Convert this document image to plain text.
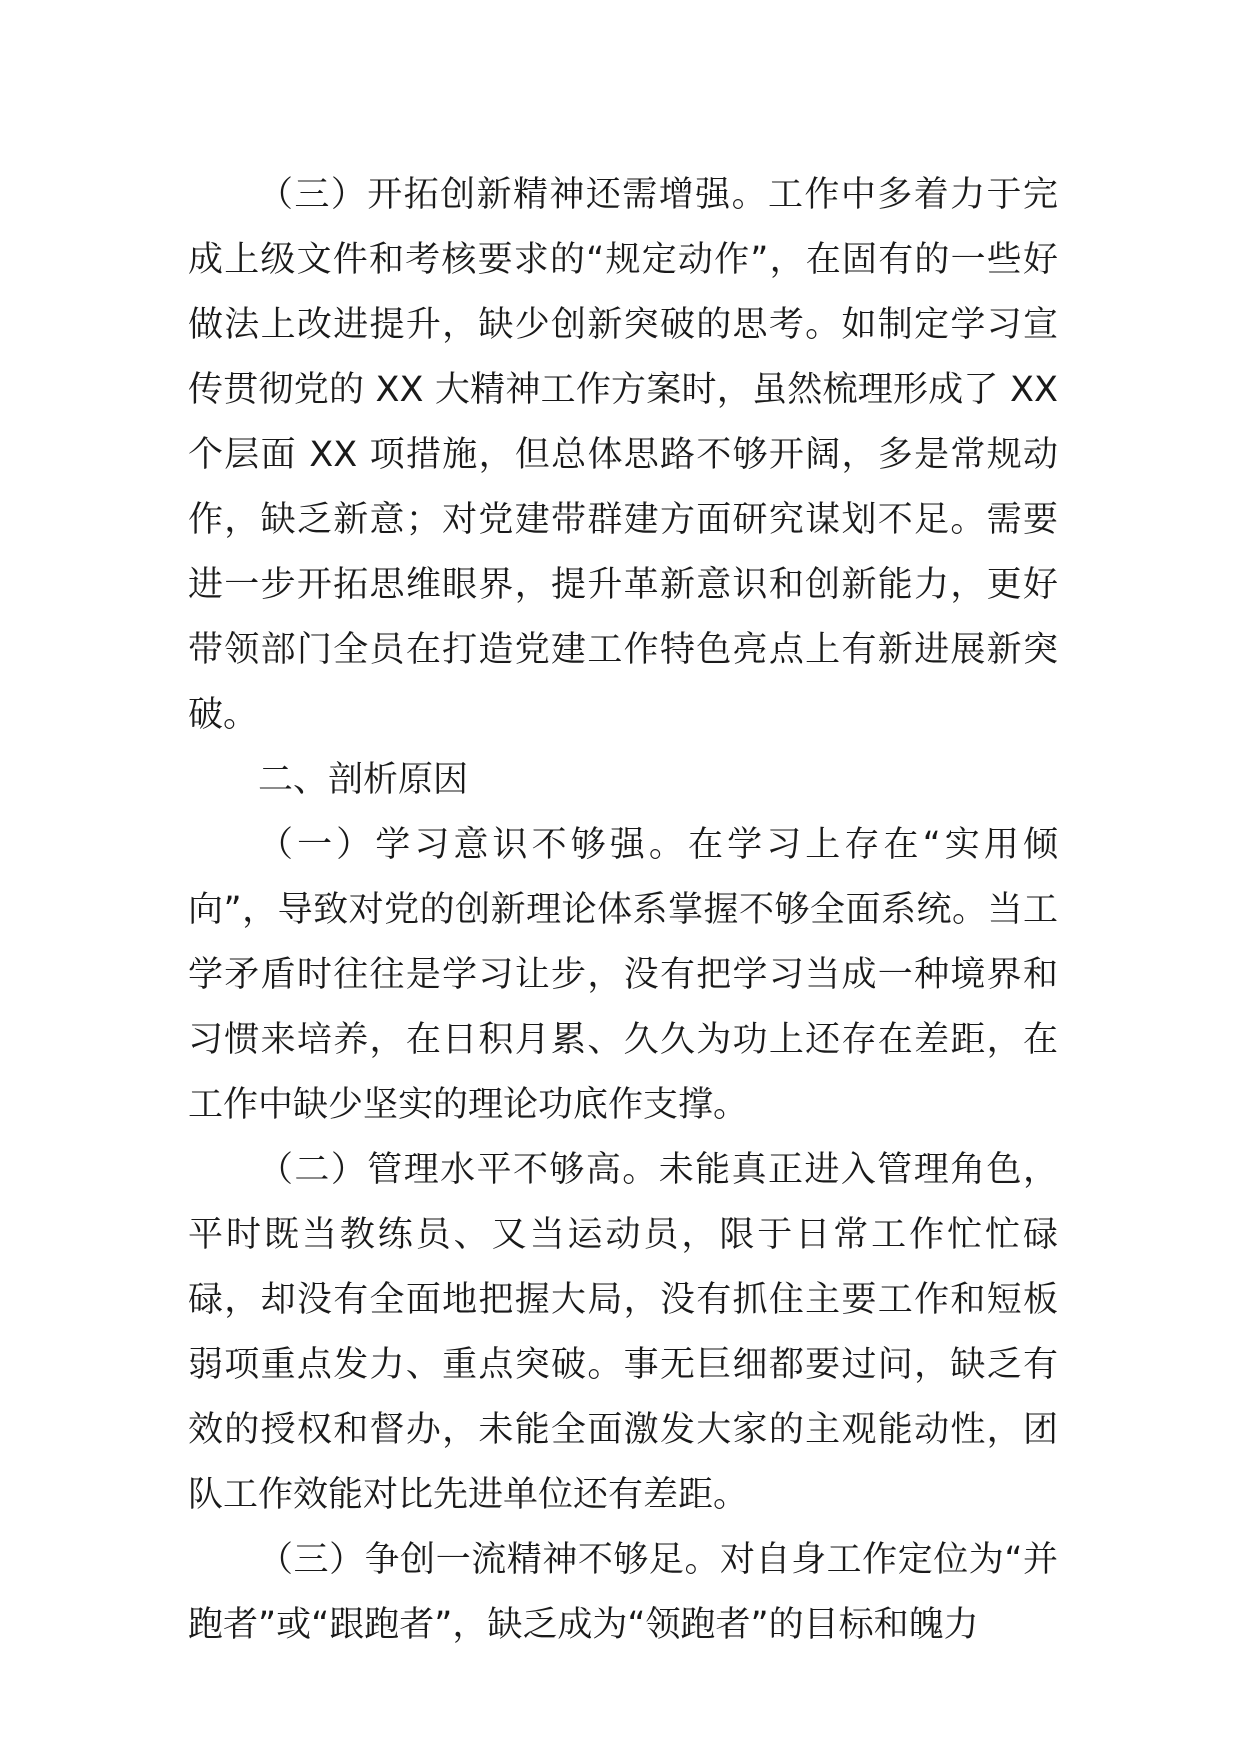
（三）开拓创新精神还需增强。工作中多着力于完成上级文件和考核要求的“规定动作”，在固有的一些好做法上改进提升，缺少创新突破的思考。如制定学习宣传贯彻党的 XX 大精神工作方案时，虽然梳理形成了 XX 个层面 XX 项措施，但总体思路不够开阔，多是常规动作，缺乏新意；对党建带群建方面研究谋划不足。需要进一步开拓思维眼界，提升革新意识和创新能力，更好带领部门全员在打造党建工作特色亮点上有新进展新突破。

二、剖析原因

（一）学习意识不够强。在学习上存在“实用倾向”，导致对党的创新理论体系掌握不够全面系统。当工学矛盾时往往是学习让步，没有把学习当成一种境界和习惯来培养，在日积月累、久久为功上还存在差距，在工作中缺少坚实的理论功底作支撑。

（二）管理水平不够高。未能真正进入管理角色，平时既当教练员、又当运动员，限于日常工作忙忙碌碌，却没有全面地把握大局，没有抓住主要工作和短板弱项重点发力、重点突破。事无巨细都要过问，缺乏有效的授权和督办，未能全面激发大家的主观能动性，团队工作效能对比先进单位还有差距。

（三）争创一流精神不够足。对自身工作定位为“并跑者”或“跟跑者”，缺乏成为“领跑者”的目标和魄力
